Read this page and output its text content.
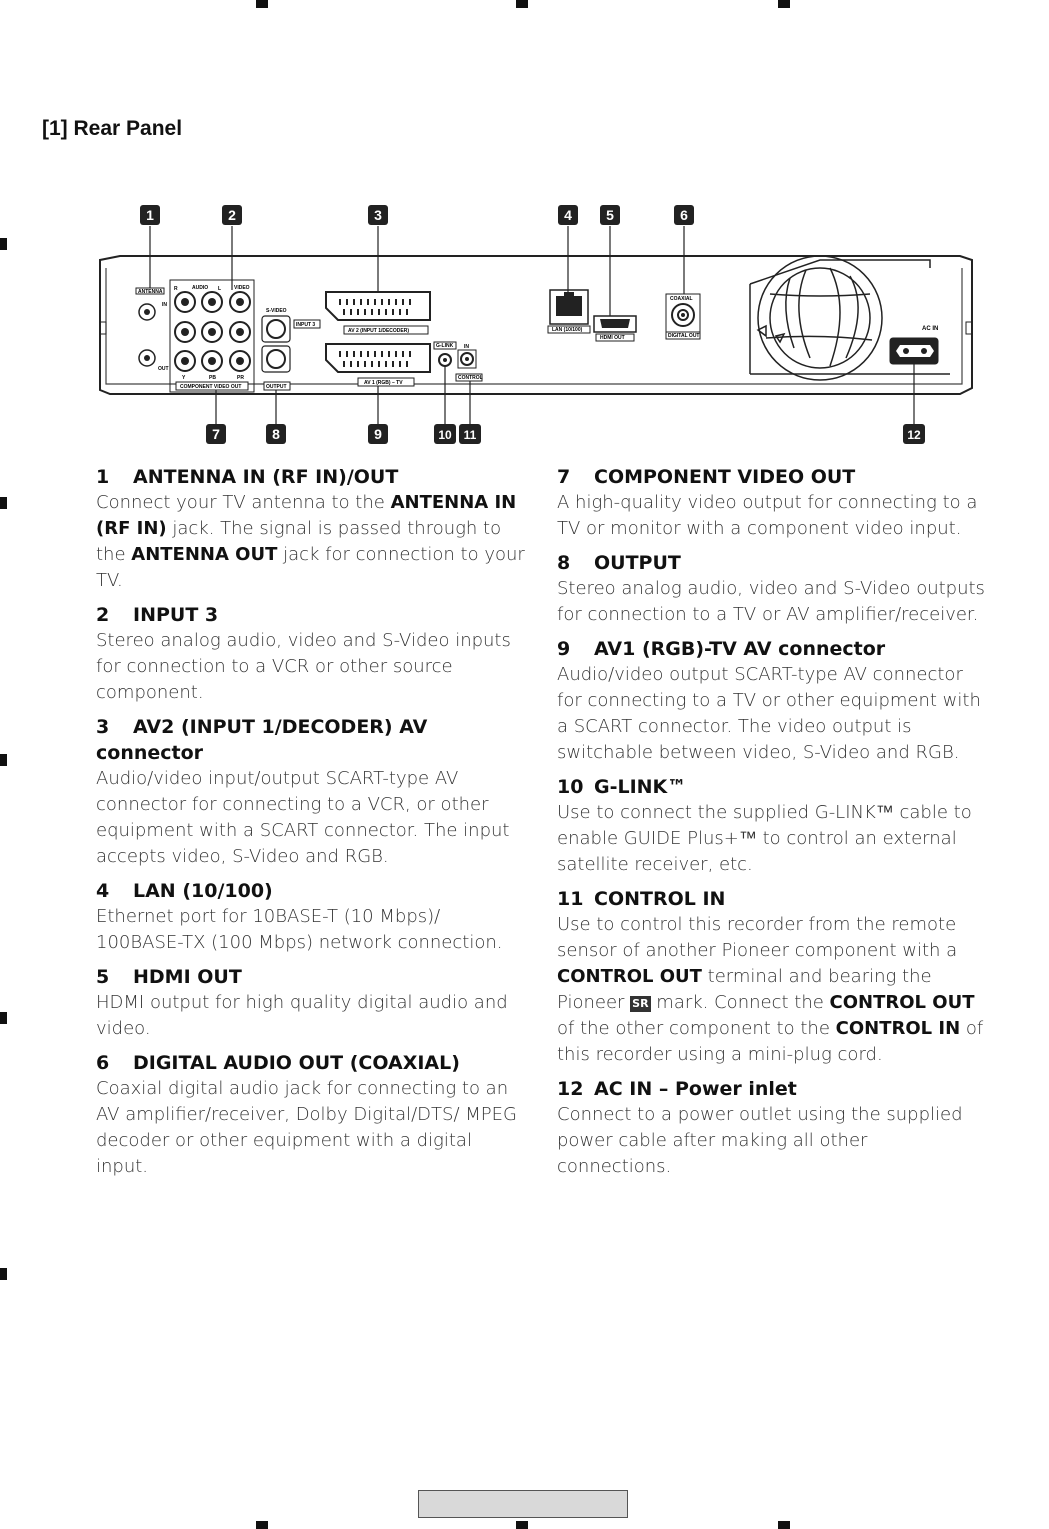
[1] Rear Panel
ANTENNA
IN
OUT
R	AUDIO L	VIDEO
Y	PB	PR
COMPONENT VIDEO OUT
S-VIDEO
OUTPUT
INPUT 3
AV 2 (INPUT 1/DECODER)
AV 1 (RGB) – TV
G-LINK IN
CONTROL
LAN (10/100)
HDMI OUT
COAXIAL
DIGITAL OUT
AC IN
1	2	3	4 5	6
7	8	9	10 11	12
1 ANTENNA IN (RF IN)/OUT
Connect your TV antenna to the ANTENNA IN (RF IN) jack. The signal is passed through to the ANTENNA OUT jack for connection to your TV.
2 INPUT 3
Stereo analog audio, video and S-Video inputs for connection to a VCR or other source component.
3 AV2 (INPUT 1/DECODER) AV connector
Audio/video input/output SCART-type AV connector for connecting to a VCR, or other equipment with a SCART connector. The input accepts video, S-Video and RGB.
4 LAN (10/100)
Ethernet port for 10BASE-T (10 Mbps)/ 100BASE-TX (100 Mbps) network connection.
5 HDMI OUT
HDMI output for high quality digital audio and video.
6 DIGITAL AUDIO OUT (COAXIAL)
Coaxial digital audio jack for connecting to an AV amplifier/receiver, Dolby Digital/DTS/ MPEG decoder or other equipment with a digital input.
7 COMPONENT VIDEO OUT
A high-quality video output for connecting to a TV or monitor with a component video input.
8 OUTPUT
Stereo analog audio, video and S-Video outputs for connection to a TV or AV amplifier/receiver.
9 AV1 (RGB)-TV AV connector
Audio/video output SCART-type AV connector for connecting to a TV or other equipment with a SCART connector. The video output is switchable between video, S-Video and RGB.
10 G-LINK™
Use to connect the supplied G-LINK™ cable to enable GUIDE Plus+™ to control an external satellite receiver, etc.
11 CONTROL IN
Use to control this recorder from the remote sensor of another Pioneer component with a CONTROL OUT terminal and bearing the Pioneer SR mark. Connect the CONTROL OUT of the other component to the CONTROL IN of this recorder using a mini-plug cord.
12 AC IN – Power inlet
Connect to a power outlet using the supplied power cable after making all other connections.
